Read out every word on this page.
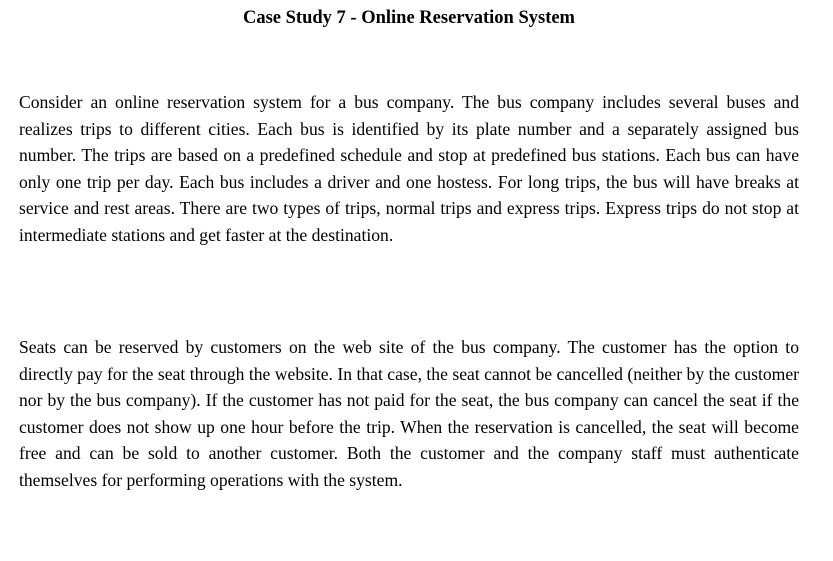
Case Study 7 - Online Reservation System

Consider an online reservation system for a bus company. The bus company includes several buses and realizes trips to different cities. Each bus is identified by its plate number and a separately assigned bus number. The trips are based on a predefined schedule and stop at predefined bus stations. Each bus can have only one trip per day. Each bus includes a driver and one hostess. For long trips, the bus will have breaks at service and rest areas. There are two types of trips, normal trips and express trips. Express trips do not stop at intermediate stations and get faster at the destination.

Seats can be reserved by customers on the web site of the bus company. The customer has the option to directly pay for the seat through the website. In that case, the seat cannot be cancelled (neither by the customer nor by the bus company). If the customer has not paid for the seat, the bus company can cancel the seat if the customer does not show up one hour before the trip. When the reservation is cancelled, the seat will become free and can be sold to another customer. Both the customer and the company staff must authenticate themselves for performing operations with the system.
